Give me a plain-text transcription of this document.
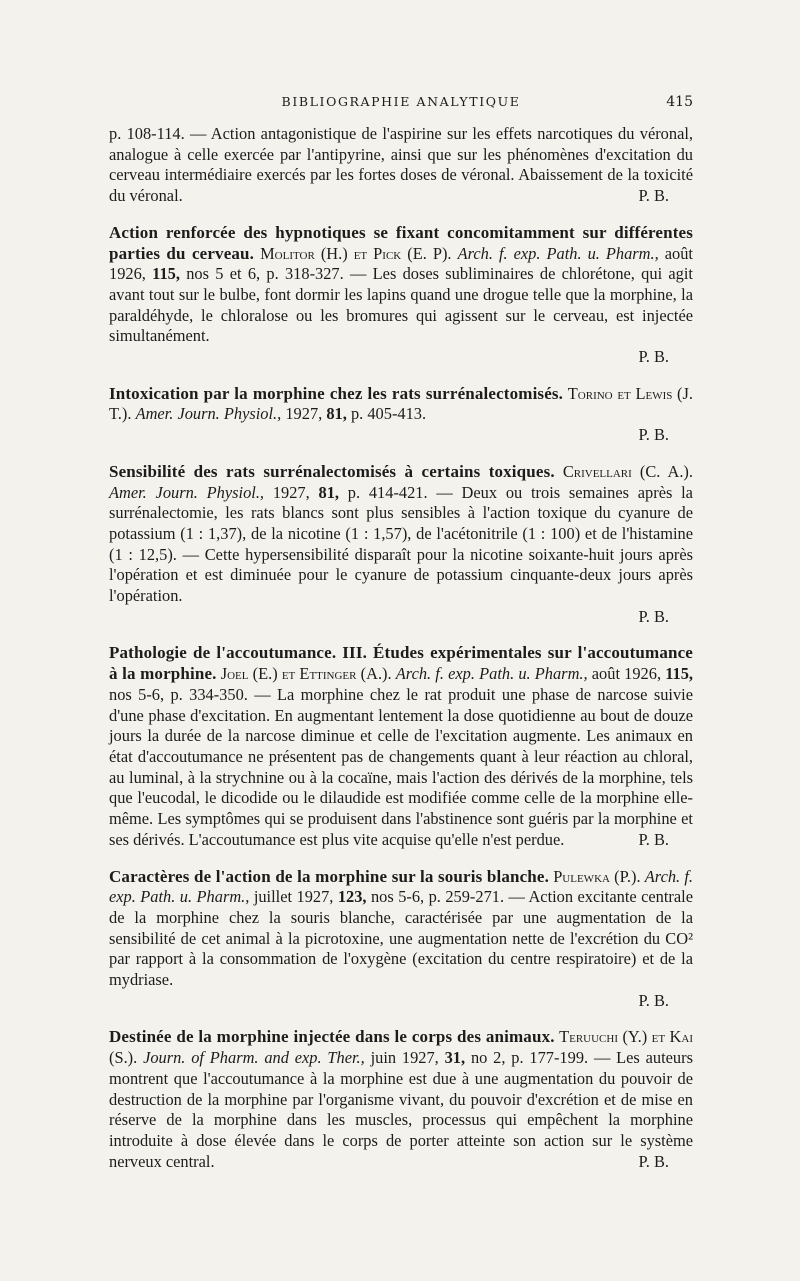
BIBLIOGRAPHIE ANALYTIQUE	415

p. 108-114. — Action antagonistique de l'aspirine sur les effets narcotiques du véronal, analogue à celle exercée par l'antipyrine, ainsi que sur les phénomènes d'excitation du cerveau intermédiaire exercés par les fortes doses de véronal. Abaissement de la toxicité du véronal.	P. B.

Action renforcée des hypnotiques se fixant concomitamment sur différentes parties du cerveau. Molitor (H.) et Pick (E. P). Arch. f. exp. Path. u. Pharm., août 1926, 115, nos 5 et 6, p. 318-327. — Les doses subliminaires de chlorétone, qui agit avant tout sur le bulbe, font dormir les lapins quand une drogue telle que la morphine, la paraldéhyde, le chloralose ou les bromures qui agissent sur le cerveau, est injectée simultanément.

P. B.

Intoxication par la morphine chez les rats surrénalectomisés. Torino et Lewis (J. T.). Amer. Journ. Physiol., 1927, 81, p. 405-413.

P. B.

Sensibilité des rats surrénalectomisés à certains toxiques. Crivellari (C. A.). Amer. Journ. Physiol., 1927, 81, p. 414-421. — Deux ou trois semaines après la surrénalectomie, les rats blancs sont plus sensibles à l'action toxique du cyanure de potassium (1 : 1,37), de la nicotine (1 : 1,57), de l'acétonitrile (1 : 100) et de l'histamine (1 : 12,5). — Cette hypersensibilité disparaît pour la nicotine soixante-huit jours après l'opération et est diminuée pour le cyanure de potassium cinquante-deux jours après l'opération.

P. B.

Pathologie de l'accoutumance. III. Études expérimentales sur l'accoutumance à la morphine. Joel (E.) et Ettinger (A.). Arch. f. exp. Path. u. Pharm., août 1926, 115, nos 5-6, p. 334-350. — La morphine chez le rat produit une phase de narcose suivie d'une phase d'excitation. En augmentant lentement la dose quotidienne au bout de douze jours la durée de la narcose diminue et celle de l'excitation augmente. Les animaux en état d'accoutumance ne présentent pas de changements quant à leur réaction au chloral, au luminal, à la strychnine ou à la cocaïne, mais l'action des dérivés de la morphine, tels que l'eucodal, le dicodide ou le dilaudide est modifiée comme celle de la morphine elle-même. Les symptômes qui se produisent dans l'abstinence sont guéris par la morphine et ses dérivés. L'accoutumance est plus vite acquise qu'elle n'est perdue.	P. B.

Caractères de l'action de la morphine sur la souris blanche. Pulewka (P.). Arch. f. exp. Path. u. Pharm., juillet 1927, 123, nos 5-6, p. 259-271. — Action excitante centrale de la morphine chez la souris blanche, caractérisée par une augmentation de la sensibilité de cet animal à la picrotoxine, une augmentation nette de l'excrétion du CO² par rapport à la consommation de l'oxygène (excitation du centre respiratoire) et de la mydriase.

P. B.

Destinée de la morphine injectée dans le corps des animaux. Teruuchi (Y.) et Kai (S.). Journ. of Pharm. and exp. Ther., juin 1927, 31, no 2, p. 177-199. — Les auteurs montrent que l'accoutumance à la morphine est due à une augmentation du pouvoir de destruction de la morphine par l'organisme vivant, du pouvoir d'excrétion et de mise en réserve de la morphine dans les muscles, processus qui empêchent la morphine introduite à dose élevée dans le corps de porter atteinte son action sur le système nerveux central.	P. B.
